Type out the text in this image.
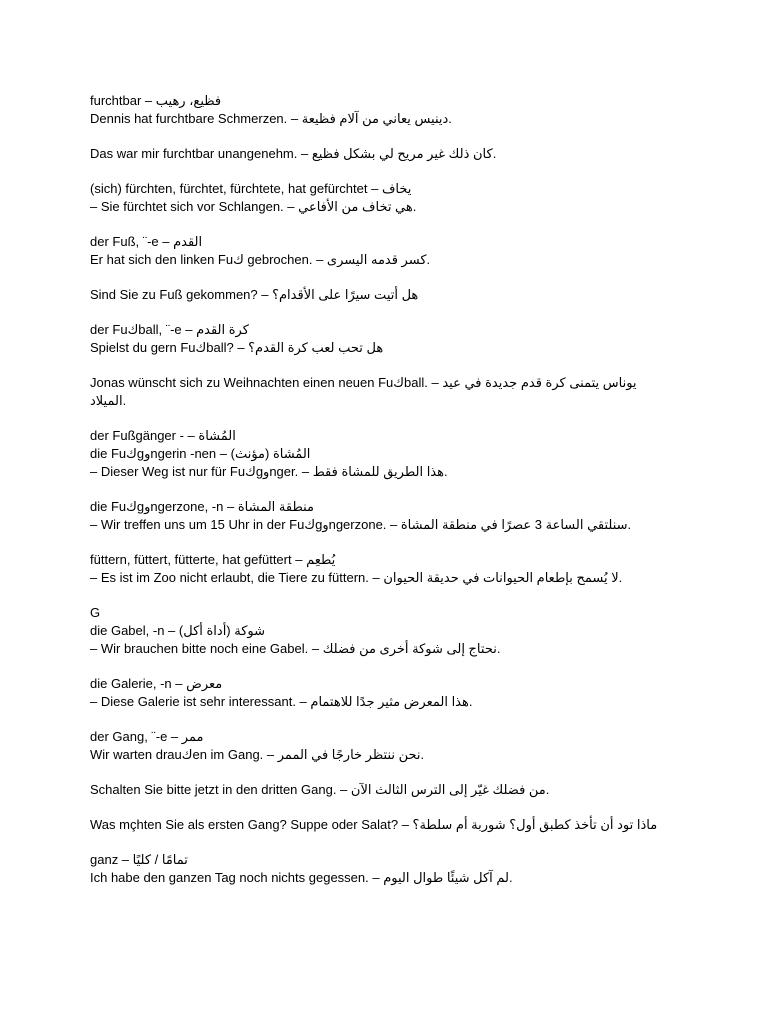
furchtbar – فظيع، رهيب
Dennis hat furchtbare Schmerzen. – دينيس يعاني من آلام فظيعة.
Das war mir furchtbar unangenehm. – كان ذلك غير مريح لي بشكل فظيع.
(sich) fürchten, fürchtet, fürchtete, hat gefürchtet – يخاف
– Sie fürchtet sich vor Schlangen. – هي تخاف من الأفاعي.
der Fuß, ¨-e – القدم
Er hat sich den linken Fuك gebrochen. – كسر قدمه اليسرى.
Sind Sie zu Fuß gekommen? – هل أتيت سيرًا على الأقدام؟
der Fuكball, ¨-e – كرة القدم
Spielst du gern Fuكball? – هل تحب لعب كرة القدم؟
Jonas wünscht sich zu Weihnachten einen neuen Fuكball. – يوناس يتمنى كرة قدم جديدة في عيد الميلاد.
der Fußgänger - – المُشاة
die Fuكgوngerin -nen – المُشاة (مؤنث)
– Dieser Weg ist nur für Fuكgوnger. – هذا الطريق للمشاة فقط.
die Fuكgوngerzone, -n – منطقة المشاة
– Wir treffen uns um 15 Uhr in der Fuكgوngerzone. – سنلتقي الساعة 3 عصرًا في منطقة المشاة.
füttern, füttert, fütterte, hat gefüttert – يُطعِم
– Es ist im Zoo nicht erlaubt, die Tiere zu füttern. – لا يُسمح بإطعام الحيوانات في حديقة الحيوان.
G
die Gabel, -n – شوكة (أداة أكل)
– Wir brauchen bitte noch eine Gabel. – نحتاج إلى شوكة أخرى من فضلك.
die Galerie, -n – معرض
– Diese Galerie ist sehr interessant. – هذا المعرض مثير جدًا للاهتمام.
der Gang, ¨-e – ممر
Wir warten drauكen im Gang. – نحن ننتظر خارجًا في الممر.
Schalten Sie bitte jetzt in den dritten Gang. – من فضلك غيّر إلى الترس الثالث الآن.
Was mçhten Sie als ersten Gang? Suppe oder Salat? – ماذا تود أن تأخذ كطبق أول؟ شوربة أم سلطة؟
ganz – تمامًا / كليًا
Ich habe den ganzen Tag noch nichts gegessen. – لم آكل شيئًا طوال اليوم.
